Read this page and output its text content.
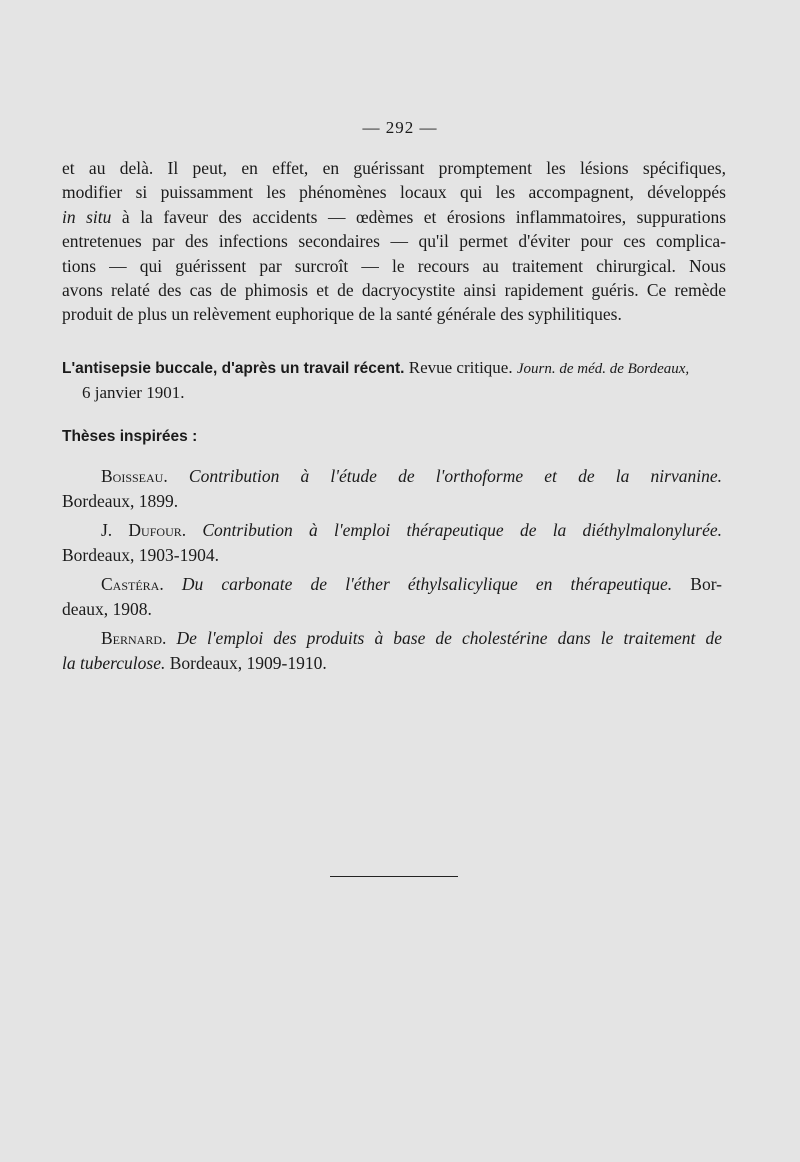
— 292 —
et au delà. Il peut, en effet, en guérissant promptement les lésions spécifiques,
modifier si puissamment les phénomènes locaux qui les accompagnent, développés
in situ à la faveur des accidents — œdèmes et érosions inflammatoires, suppurations
entretenues par des infections secondaires — qu'il permet d'éviter pour ces complica-
tions — qui guérissent par surcroît — le recours au traitement chirurgical. Nous
avons relaté des cas de phimosis et de dacryocystite ainsi rapidement guéris. Ce remède
produit de plus un relèvement euphorique de la santé générale des syphilitiques.
L'antisepsie buccale, d'après un travail récent. Revue critique. Journ. de méd. de Bordeaux,
6 janvier 1901.
Thèses inspirées :
Boisseau. Contribution à l'étude de l'orthoforme et de la nirvanine.
Bordeaux, 1899.
J. Dufour. Contribution à l'emploi thérapeutique de la diéthylmalonylurée.
Bordeaux, 1903-1904.
Castéra. Du carbonate de l'éther éthylsalicylique en thérapeutique. Bor-
deaux, 1908.
Bernard. De l'emploi des produits à base de cholestérine dans le traitement de
la tuberculose. Bordeaux, 1909-1910.
